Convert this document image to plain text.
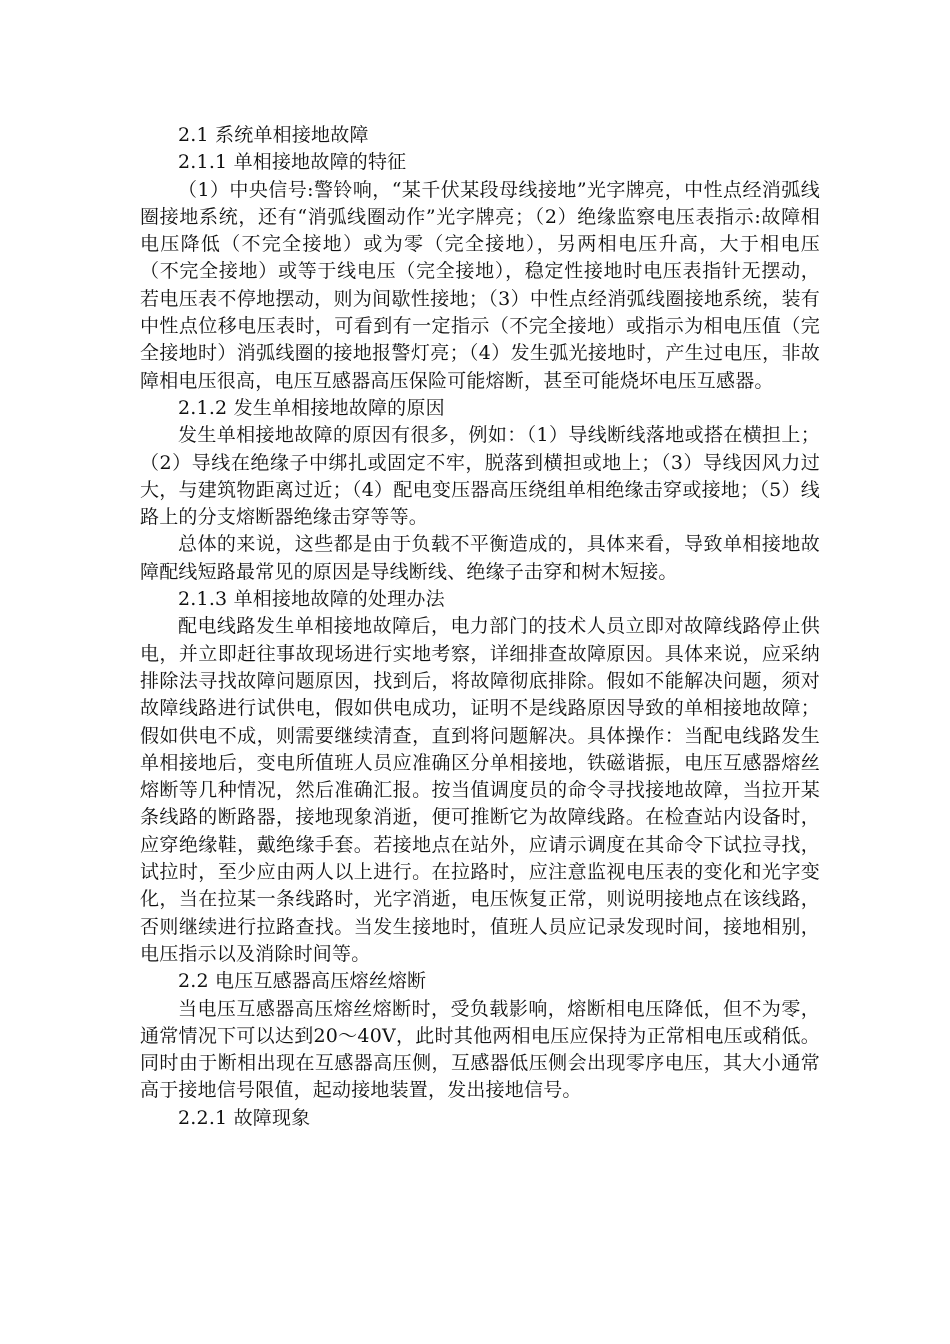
2.1 系统单相接地故障

2.1.1 单相接地故障的特征

（1）中央信号:警铃响，“某千伏某段母线接地”光字牌亮，中性点经消弧线圈接地系统，还有“消弧线圈动作”光字牌亮；（2）绝缘监察电压表指示:故障相电压降低（不完全接地）或为零（完全接地），另两相电压升高，大于相电压（不完全接地）或等于线电压（完全接地），稳定性接地时电压表指针无摆动，若电压表不停地摆动，则为间歇性接地；（3）中性点经消弧线圈接地系统，装有中性点位移电压表时，可看到有一定指示（不完全接地）或指示为相电压值（完全接地时）消弧线圈的接地报警灯亮；（4）发生弧光接地时，产生过电压，非故障相电压很高，电压互感器高压保险可能熔断，甚至可能烧坏电压互感器。

2.1.2 发生单相接地故障的原因

发生单相接地故障的原因有很多，例如：（1）导线断线落地或搭在横担上；（2）导线在绝缘子中绑扎或固定不牢，脱落到横担或地上；（3）导线因风力过大，与建筑物距离过近；（4）配电变压器高压绕组单相绝缘击穿或接地；（5）线路上的分支熔断器绝缘击穿等等。

总体的来说，这些都是由于负载不平衡造成的，具体来看，导致单相接地故障配线短路最常见的原因是导线断线、绝缘子击穿和树木短接。

2.1.3 单相接地故障的处理办法

配电线路发生单相接地故障后，电力部门的技术人员立即对故障线路停止供电，并立即赶往事故现场进行实地考察，详细排查故障原因。具体来说，应采纳排除法寻找故障问题原因，找到后，将故障彻底排除。假如不能解决问题，须对故障线路进行试供电，假如供电成功，证明不是线路原因导致的单相接地故障；假如供电不成，则需要继续清查，直到将问题解决。具体操作：当配电线路发生单相接地后，变电所值班人员应准确区分单相接地，铁磁谐振，电压互感器熔丝熔断等几种情况，然后准确汇报。按当值调度员的命令寻找接地故障，当拉开某条线路的断路器，接地现象消逝，便可推断它为故障线路。在检查站内设备时，应穿绝缘鞋，戴绝缘手套。若接地点在站外，应请示调度在其命令下试拉寻找，试拉时，至少应由两人以上进行。在拉路时，应注意监视电压表的变化和光字变化，当在拉某一条线路时，光字消逝，电压恢复正常，则说明接地点在该线路，否则继续进行拉路查找。当发生接地时，值班人员应记录发现时间，接地相别，电压指示以及消除时间等。

2.2 电压互感器高压熔丝熔断

当电压互感器高压熔丝熔断时，受负载影响，熔断相电压降低，但不为零，通常情况下可以达到20～40V，此时其他两相电压应保持为正常相电压或稍低。同时由于断相出现在互感器高压侧，互感器低压侧会出现零序电压，其大小通常高于接地信号限值，起动接地装置，发出接地信号。

2.2.1 故障现象
